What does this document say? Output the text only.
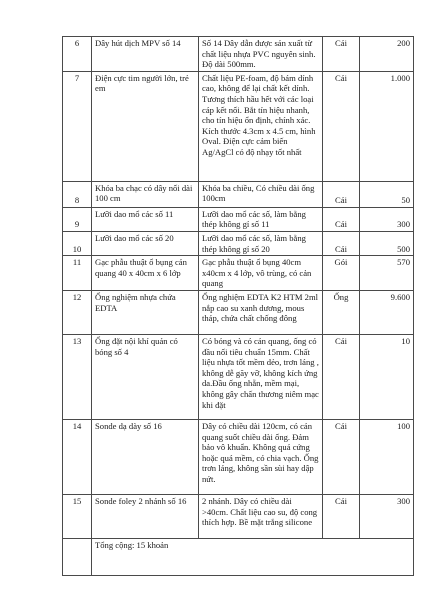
6	Dây hút dịch MPV số 14	Số 14 Dây dẫn được sản xuất từ chất liệu nhựa PVC nguyên sinh. Độ dài 500mm.	Cái	200
7	Điện cực tim người lớn, trẻ em	Chất liệu PE-foam, độ bám dính cao, không để lại chất kết dính. Tương thích hầu hết với các loại cáp kết nối. Bắt tín hiệu nhanh, cho tín hiệu ổn định, chính xác. Kích thước 4.3cm x 4.5 cm, hình Oval. Điện cực cảm biến Ag/AgCl có độ nhạy tốt nhất	Cái	1.000
8	Khóa ba chạc có dây nối dài 100 cm	Khóa ba chiều, Có chiều dài ống 100cm	Cái	50
9	Lưỡi dao mổ các số 11	Lưỡi dao mổ các số, làm bằng thép không gỉ số 11	Cái	300
10	Lưỡi dao mổ các số 20	Lưỡi dao mổ các số, làm bằng thép không gỉ số 20	Cái	500
11	Gạc phẫu thuật ổ bụng cản quang 40 x 40cm x 6 lớp	Gạc phẫu thuật ổ bụng 40cm x40cm x 4 lớp, vô trùng, có cản quang	Gói	570
12	Ống nghiệm nhựa chứa EDTA	Ống nghiệm EDTA K2 HTM 2ml nắp cao su xanh dương, mous tháp, chứa chất chống đông	Ống	9.600
13	Ống đặt nội khí quản có bóng số 4	Có bóng và có cản quang, ống có đầu nối tiêu chuẩn 15mm. Chất liệu nhựa tốt mềm dẻo, trơn láng , không dễ gãy vỡ, không kích ứng da.Đầu ống nhẵn, mềm mại, không gây chấn thương niêm mạc khi đặt	Cái	10
14	Sonde dạ dày số 16	Dây có chiều dài 120cm, có cản quang suốt chiều dài ống. Đảm bảo vô khuẩn. Không quá cứng hoặc quá mềm, có chia vạch. Ống trơn láng, không sần sùi hay dập nứt.	Cái	100
15	Sonde foley 2 nhánh số 16	2 nhánh. Dây có chiều dài >40cm. Chất liệu cao su, độ cong thích hợp. Bề mặt trắng silicone	Cái	300
	Tổng cộng: 15 khoản			
